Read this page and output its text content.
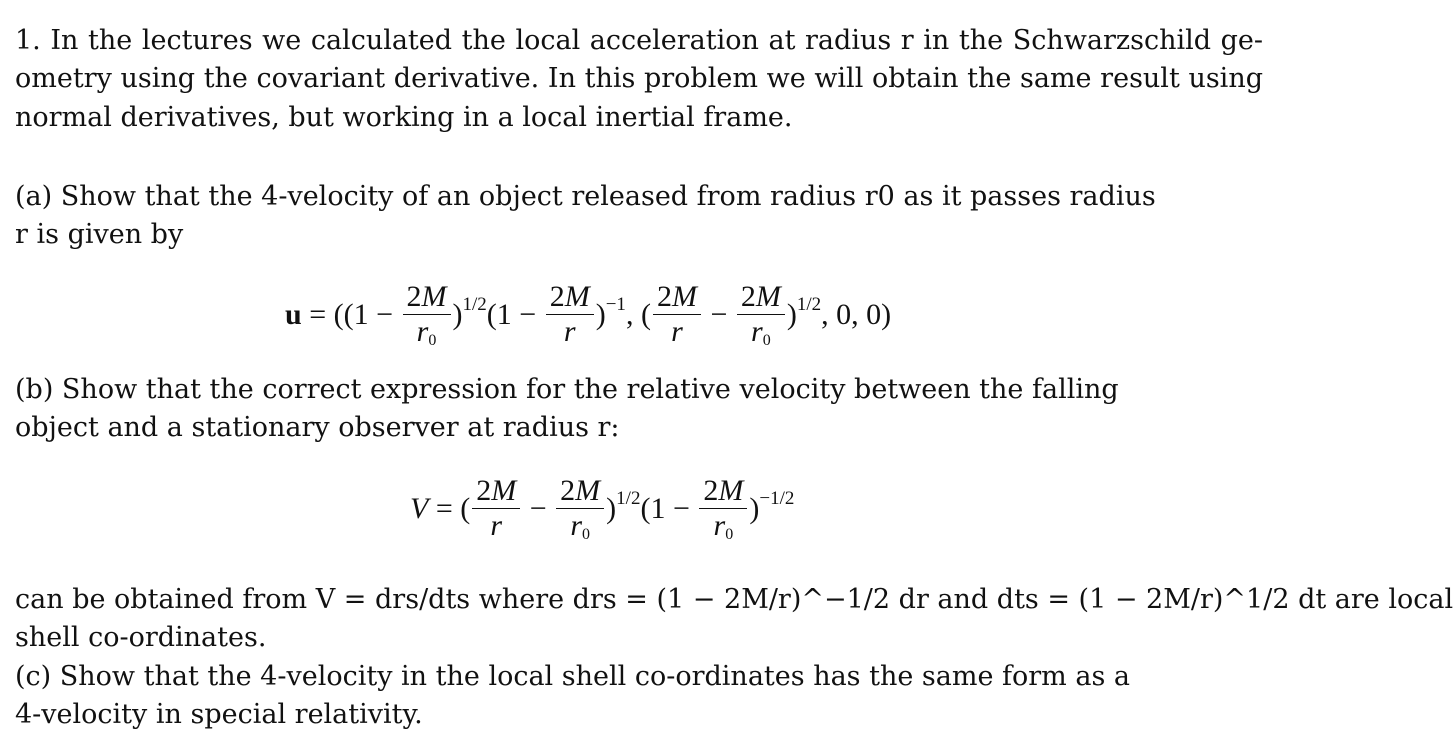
1. In the lectures we calculated the local acceleration at radius r in the Schwarzschild ge-
ometry using the covariant derivative. In this problem we will obtain the same result using
normal derivatives, but working in a local inertial frame.
(a) Show that the 4-velocity of an object released from radius r0 as it passes radius
r is given by
$u = ((1 - \frac{2M}{r_0} )^{1/2}(1 - \frac{2M}{r} )^{-1}$, ( $\frac{2M}{r} - \frac{2M}{r_0} )^{1/2}$, 0, 0)
(b) Show that the correct expression for the relative velocity between the falling
object and a stationary observer at radius r:
V = ( $\frac{2M}{r} - \frac{2M}{r_0} )^{1/2}(1 - \frac{2M}{r_0} )^{-1/2}$
can be obtained from V = drs/dts where drs = (1 − 2M/r)^−1/2 dr and dts = (1 − 2M/r)^1/2 dt are local
shell co-ordinates.
(c) Show that the 4-velocity in the local shell co-ordinates has the same form as a
4-velocity in special relativity.
